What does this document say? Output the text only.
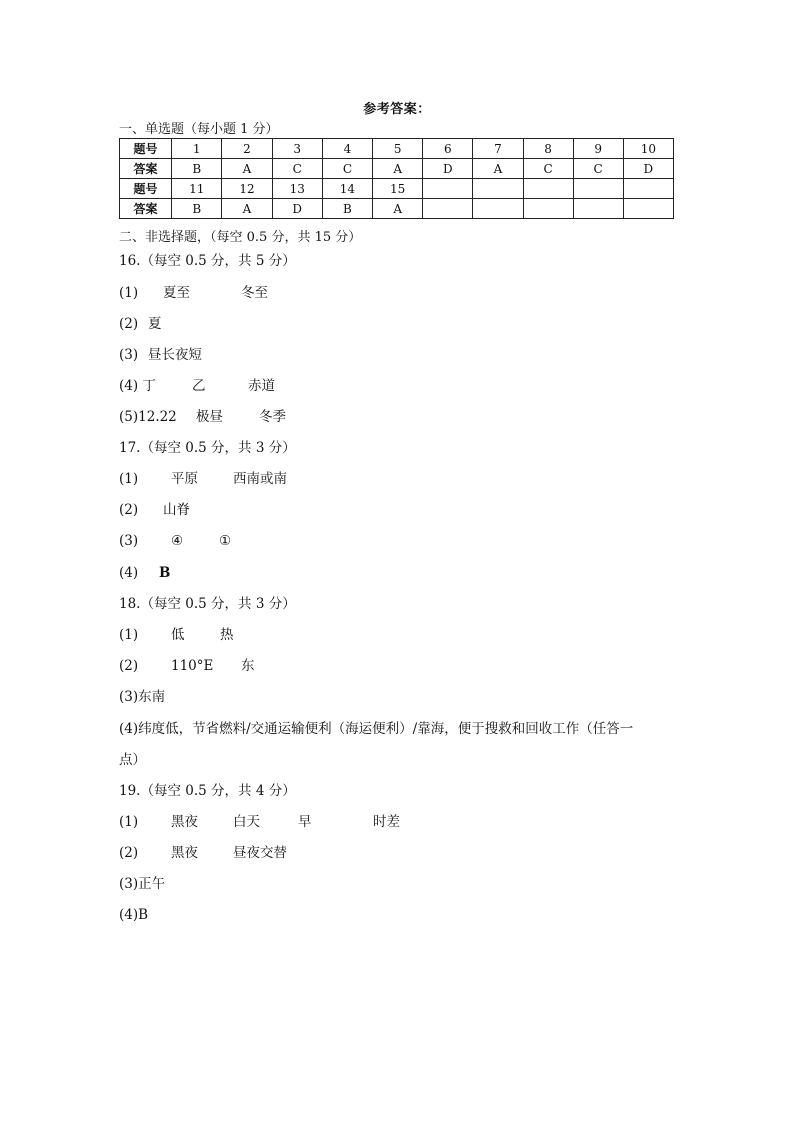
参考答案：
一、单选题（每小题 1 分）
题号	1	2	3	4	5	6	7	8	9	10
答案	B	A	C	C	A	D	A	C	C	D
题号	11	12	13	14	15					
答案	B	A	D	B	A					
二、非选择题，（每空 0.5 分，共 15 分）
16.（每空 0.5 分，共 5 分）
(1) 夏至	冬至
(2) 夏
(3) 昼长夜短
(4) 丁	乙	赤道
(5)12.22 极昼	冬季
17.（每空 0.5 分，共 3 分）
(1) 平原	西南或南
(2) 山脊
(3) ④	①
(4) B
18.（每空 0.5 分，共 3 分）
(1) 低	热
(2) 110°E 东
(3)东南
(4)纬度低，节省燃料/交通运输便利（海运便利）/靠海，便于搜救和回收工作（任答一
点）
19.（每空 0.5 分，共 4 分）
(1) 黑夜	白天	早	时差
(2) 黑夜	昼夜交替
(3)正午
(4)B
